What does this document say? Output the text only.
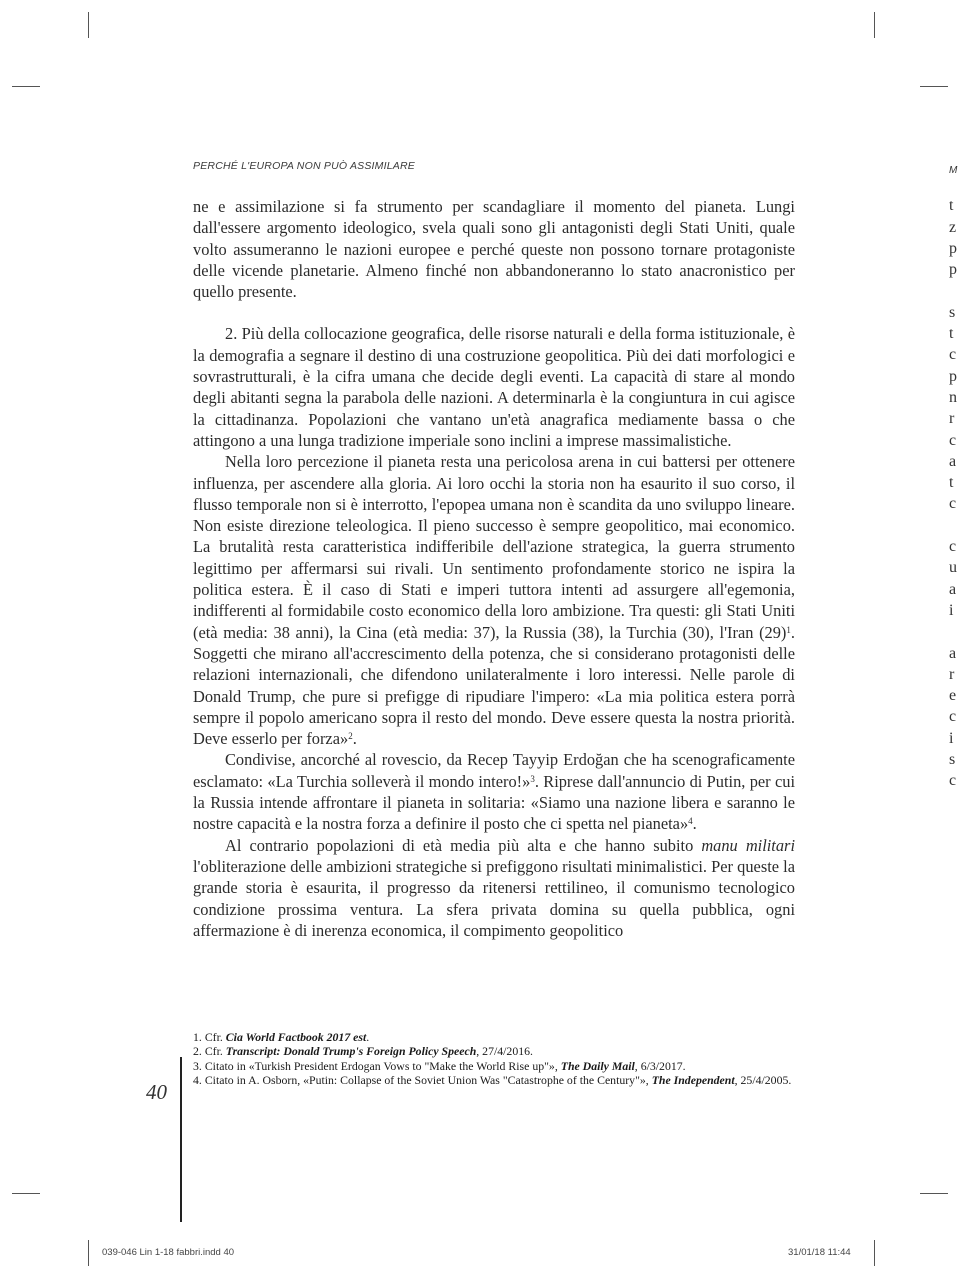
PERCHÉ L'EUROPA NON PUÒ ASSIMILARE

ne e assimilazione si fa strumento per scandagliare il momento del pianeta. Lungi dall'essere argomento ideologico, svela quali sono gli antagonisti degli Stati Uniti, quale volto assumeranno le nazioni europee e perché queste non possono tornare protagoniste delle vicende planetarie. Almeno finché non abbandoneranno lo stato anacronistico per quello presente.

2. Più della collocazione geografica, delle risorse naturali e della forma istituzionale, è la demografia a segnare il destino di una costruzione geopolitica. Più dei dati morfologici e sovrastrutturali, è la cifra umana che decide degli eventi. La capacità di stare al mondo degli abitanti segna la parabola delle nazioni. A determinarla è la congiuntura in cui agisce la cittadinanza. Popolazioni che vantano un'età anagrafica mediamente bassa o che attingono a una lunga tradizione imperiale sono inclini a imprese massimalistiche.

Nella loro percezione il pianeta resta una pericolosa arena in cui battersi per ottenere influenza, per ascendere alla gloria. Ai loro occhi la storia non ha esaurito il suo corso, il flusso temporale non si è interrotto, l'epopea umana non è scandita da uno sviluppo lineare. Non esiste direzione teleologica. Il pieno successo è sempre geopolitico, mai economico. La brutalità resta caratteristica indifferibile dell'azione strategica, la guerra strumento legittimo per affermarsi sui rivali. Un sentimento profondamente storico ne ispira la politica estera. È il caso di Stati e imperi tuttora intenti ad assurgere all'egemonia, indifferenti al formidabile costo economico della loro ambizione. Tra questi: gli Stati Uniti (età media: 38 anni), la Cina (età media: 37), la Russia (38), la Turchia (30), l'Iran $(29)^1$. Soggetti che mirano all'accrescimento della potenza, che si considerano protagonisti delle relazioni internazionali, che difendono unilateralmente i loro interessi. Nelle parole di Donald Trump, che pure si prefigge di ripudiare l'impero: «La mia politica estera porrà sempre il popolo americano sopra il resto del mondo. Deve essere questa la nostra priorità. Deve esserlo per forza»$^2$.

Condivise, ancorché al rovescio, da Recep Tayyip Erdoğan che ha scenograficamente esclamato: «La Turchia solleverà il mondo intero!»$^3$. Riprese dall'annuncio di Putin, per cui la Russia intende affrontare il pianeta in solitaria: «Siamo una nazione libera e saranno le nostre capacità e la nostra forza a definire il posto che ci spetta nel pianeta»$^4$.

Al contrario popolazioni di età media più alta e che hanno subito manu militari l'obliterazione delle ambizioni strategiche si prefiggono risultati minimalistici. Per queste la grande storia è esaurita, il progresso da ritenersi rettilineo, il comunismo tecnologico condizione prossima ventura. La sfera privata domina su quella pubblica, ogni affermazione è di inerenza economica, il compimento geopolitico

1. Cfr. Cia World Factbook 2017 est.
2. Cfr. Transcript: Donald Trump's Foreign Policy Speech, 27/4/2016.
3. Citato in «Turkish President Erdogan Vows to "Make the World Rise up"», The Daily Mail, 6/3/2017.
4. Citato in A. Osborn, «Putin: Collapse of the Soviet Union Was "Catastrophe of the Century"», The Independent, 25/4/2005.
40
039-046 Lin 1-18 fabbri.indd 40	31/01/18 11:44
M
t
z
p
p

s
t
c
p
n
r
c
a
t
c

c
u
a
i

a
r
e
c
i
s
c
